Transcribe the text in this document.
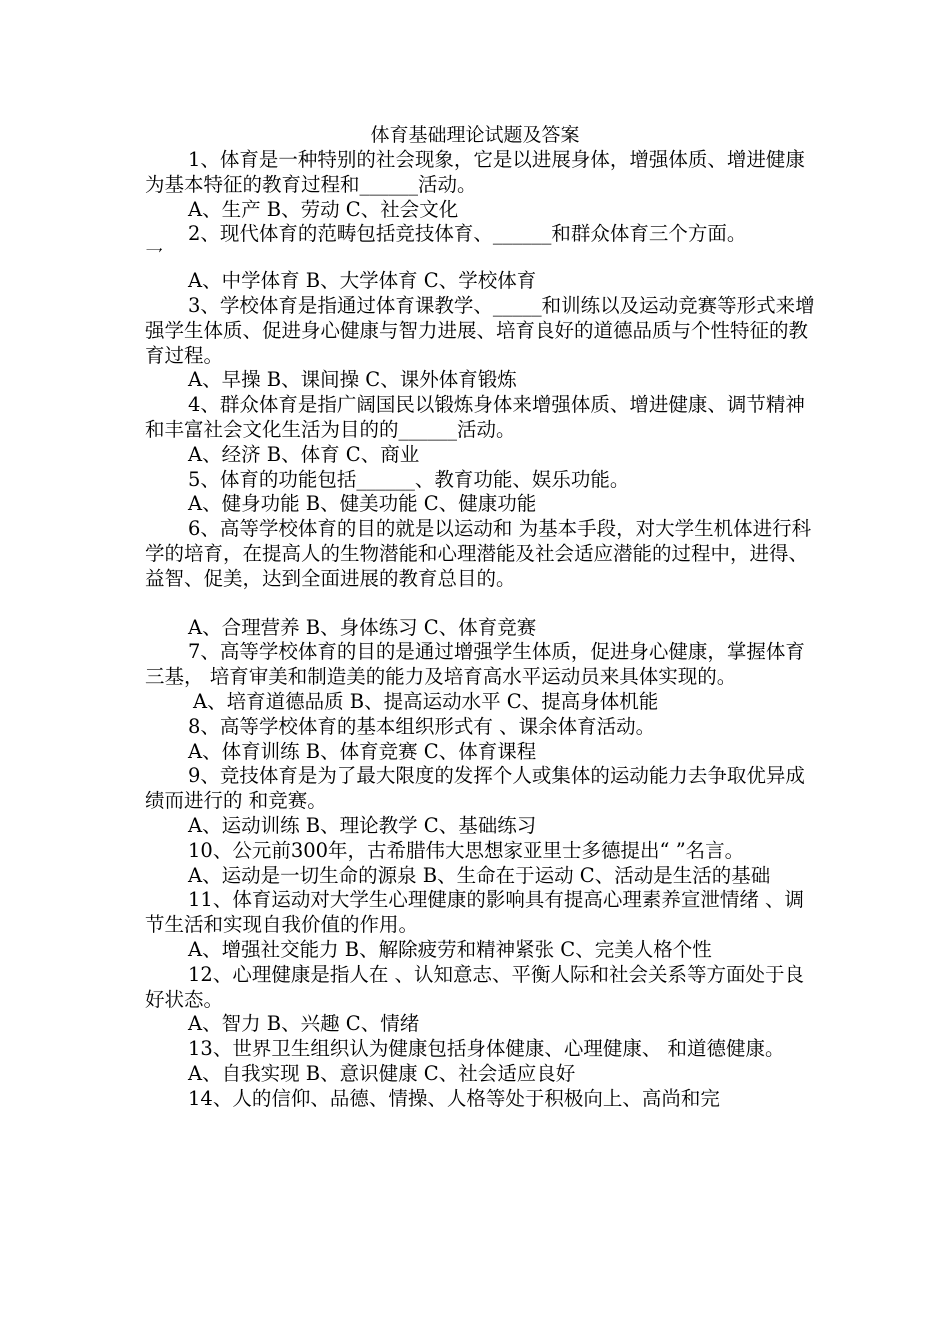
体育基础理论试题及答案

1、体育是一种特别的社会现象，它是以进展身体，增强体质、增进健康为基本特征的教育过程和______活动。

A、生产 B、劳动 C、社会文化

2、现代体育的范畴包括竞技体育、______和群众体育三个方面。

乛

A、中学体育 B、大学体育 C、学校体育

3、学校体育是指通过体育课教学、_____和训练以及运动竞赛等形式来增强学生体质、促进身心健康与智力进展、培育良好的道德品质与个性特征的教育过程。

A、早操 B、课间操 C、课外体育锻炼

4、群众体育是指广阔国民以锻炼身体来增强体质、增进健康、调节精神和丰富社会文化生活为目的的______活动。

A、经济 B、体育 C、商业

5、体育的功能包括______、教育功能、娱乐功能。

A、健身功能 B、健美功能 C、健康功能

6、高等学校体育的目的就是以运动和 为基本手段，对大学生机体进行科学的培育，在提高人的生物潜能和心理潜能及社会适应潜能的过程中，进得、益智、促美，达到全面进展的教育总目的。

A、合理营养 B、身体练习 C、体育竞赛

7、高等学校体育的目的是通过增强学生体质，促进身心健康，掌握体育三基， 培育审美和制造美的能力及培育高水平运动员来具体实现的。

A、培育道德品质 B、提高运动水平 C、提高身体机能

8、高等学校体育的基本组织形式有 、课余体育活动。

A、体育训练 B、体育竞赛 C、体育课程

9、竞技体育是为了最大限度的发挥个人或集体的运动能力去争取优异成绩而进行的 和竞赛。

A、运动训练 B、理论教学 C、基础练习

10、公元前300年，古希腊伟大思想家亚里士多德提出“ ”名言。

A、运动是一切生命的源泉 B、生命在于运动 C、活动是生活的基础

11、体育运动对大学生心理健康的影响具有提高心理素养宣泄情绪 、调节生活和实现自我价值的作用。

A、增强社交能力 B、解除疲劳和精神紧张 C、完美人格个性

12、心理健康是指人在 、认知意志、平衡人际和社会关系等方面处于良好状态。

A、智力 B、兴趣 C、情绪

13、世界卫生组织认为健康包括身体健康、心理健康、 和道德健康。

A、自我实现 B、意识健康 C、社会适应良好

14、人的信仰、品德、情操、人格等处于积极向上、高尚和完
